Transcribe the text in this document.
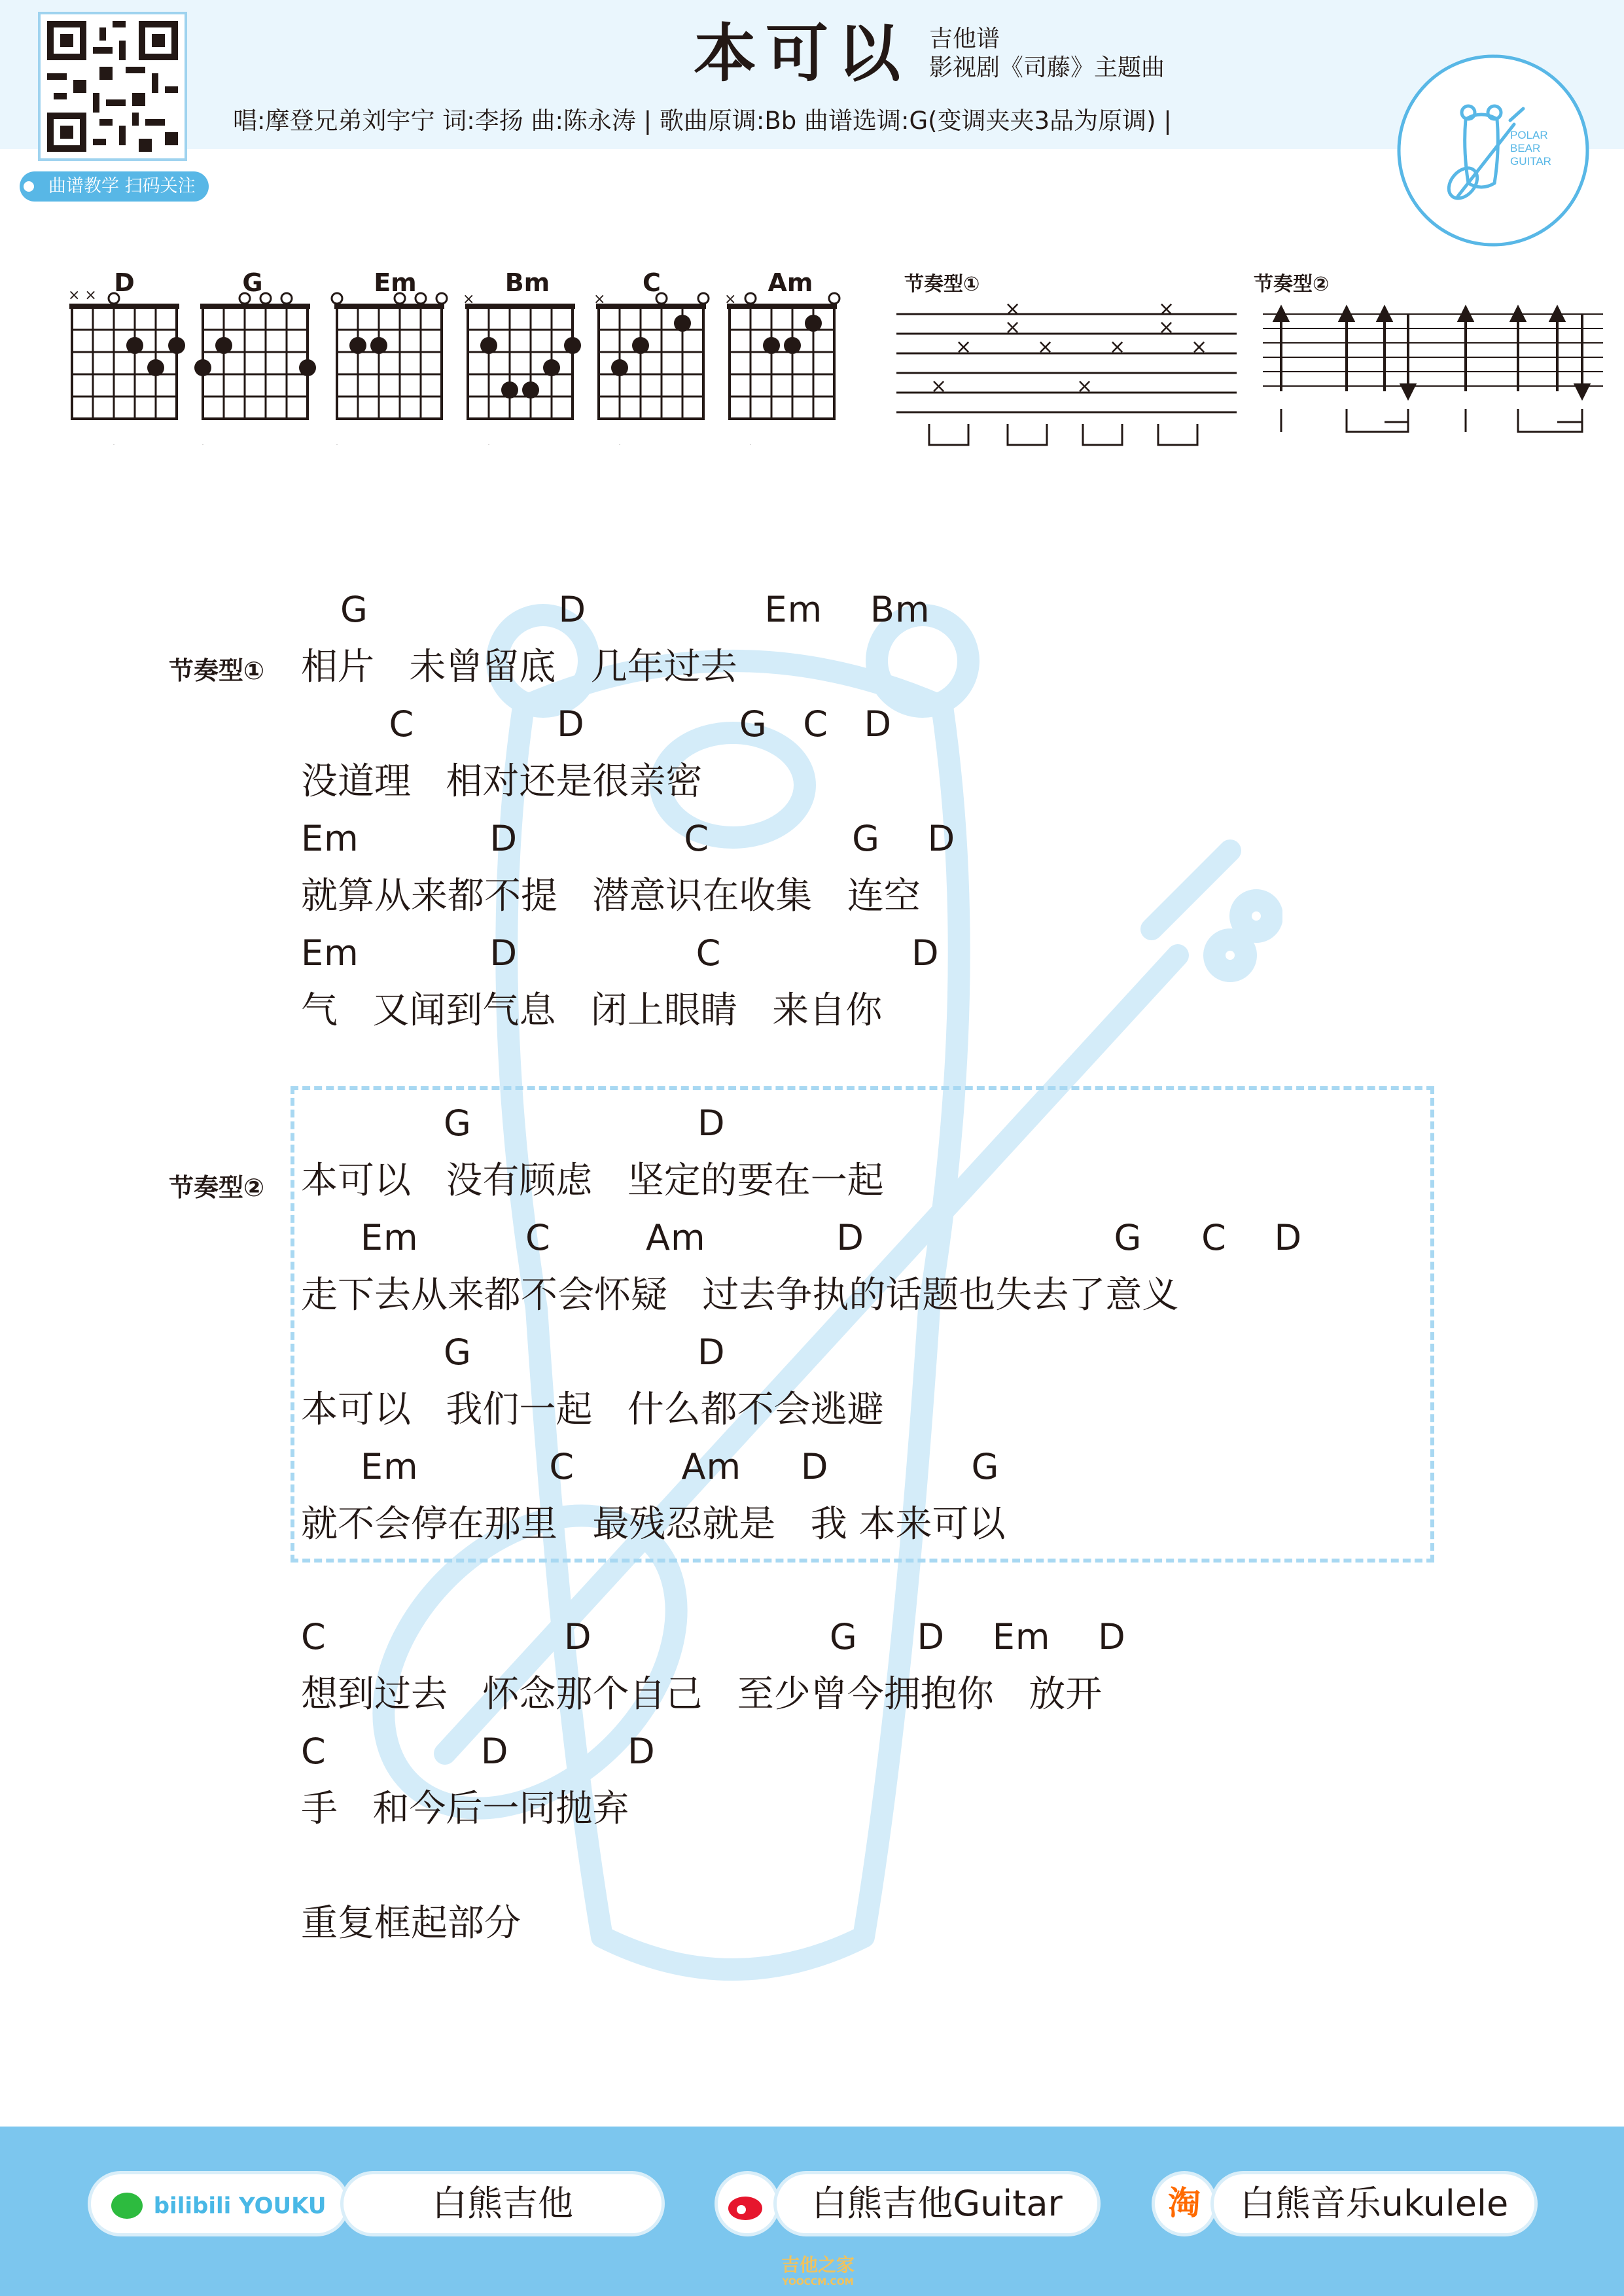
曲谱教学 扫码关注
本可以 吉他谱
影视剧《司藤》主题曲
唱:摩登兄弟刘宇宁 词:李扬 曲:陈永涛 | 歌曲原调:Bb 曲谱选调:G(变调夹夹3品为原调) |
POLAR
BEAR
GUITAR
D	G	Em	Bm	C	Am
× ×	×	×	×
节奏型①
×
×
×
×
×
×
×
×
×
×
节奏型②
节奏型①
G                D               Em    Bm
相片   未曾留底   几年过去
C            D             G   C   D
没道理   相对还是很亲密
Em           D              C            G    D
就算从来都不提   潜意识在收集   连空
Em           D               C                D
气   又闻到气息   闭上眼睛   来自你
节奏型②
G                   D
本可以   没有顾虑   坚定的要在一起
Em         C        Am           D                     G     C    D
走下去从来都不会怀疑   过去争执的话题也失去了意义
G                   D
本可以   我们一起   什么都不会逃避
Em           C         Am     D            G
就不会停在那里   最残忍就是   我 本来可以
C                    D                    G     D    Em    D
想到过去   怀念那个自己   至少曾今拥抱你   放开
C             D          D
手   和今后一同抛弃
重复框起部分
bilibili YOUKU	白熊吉他	白熊吉他Guitar	淘	白熊音乐ukulele
吉他之家
YOOCCM.COM
